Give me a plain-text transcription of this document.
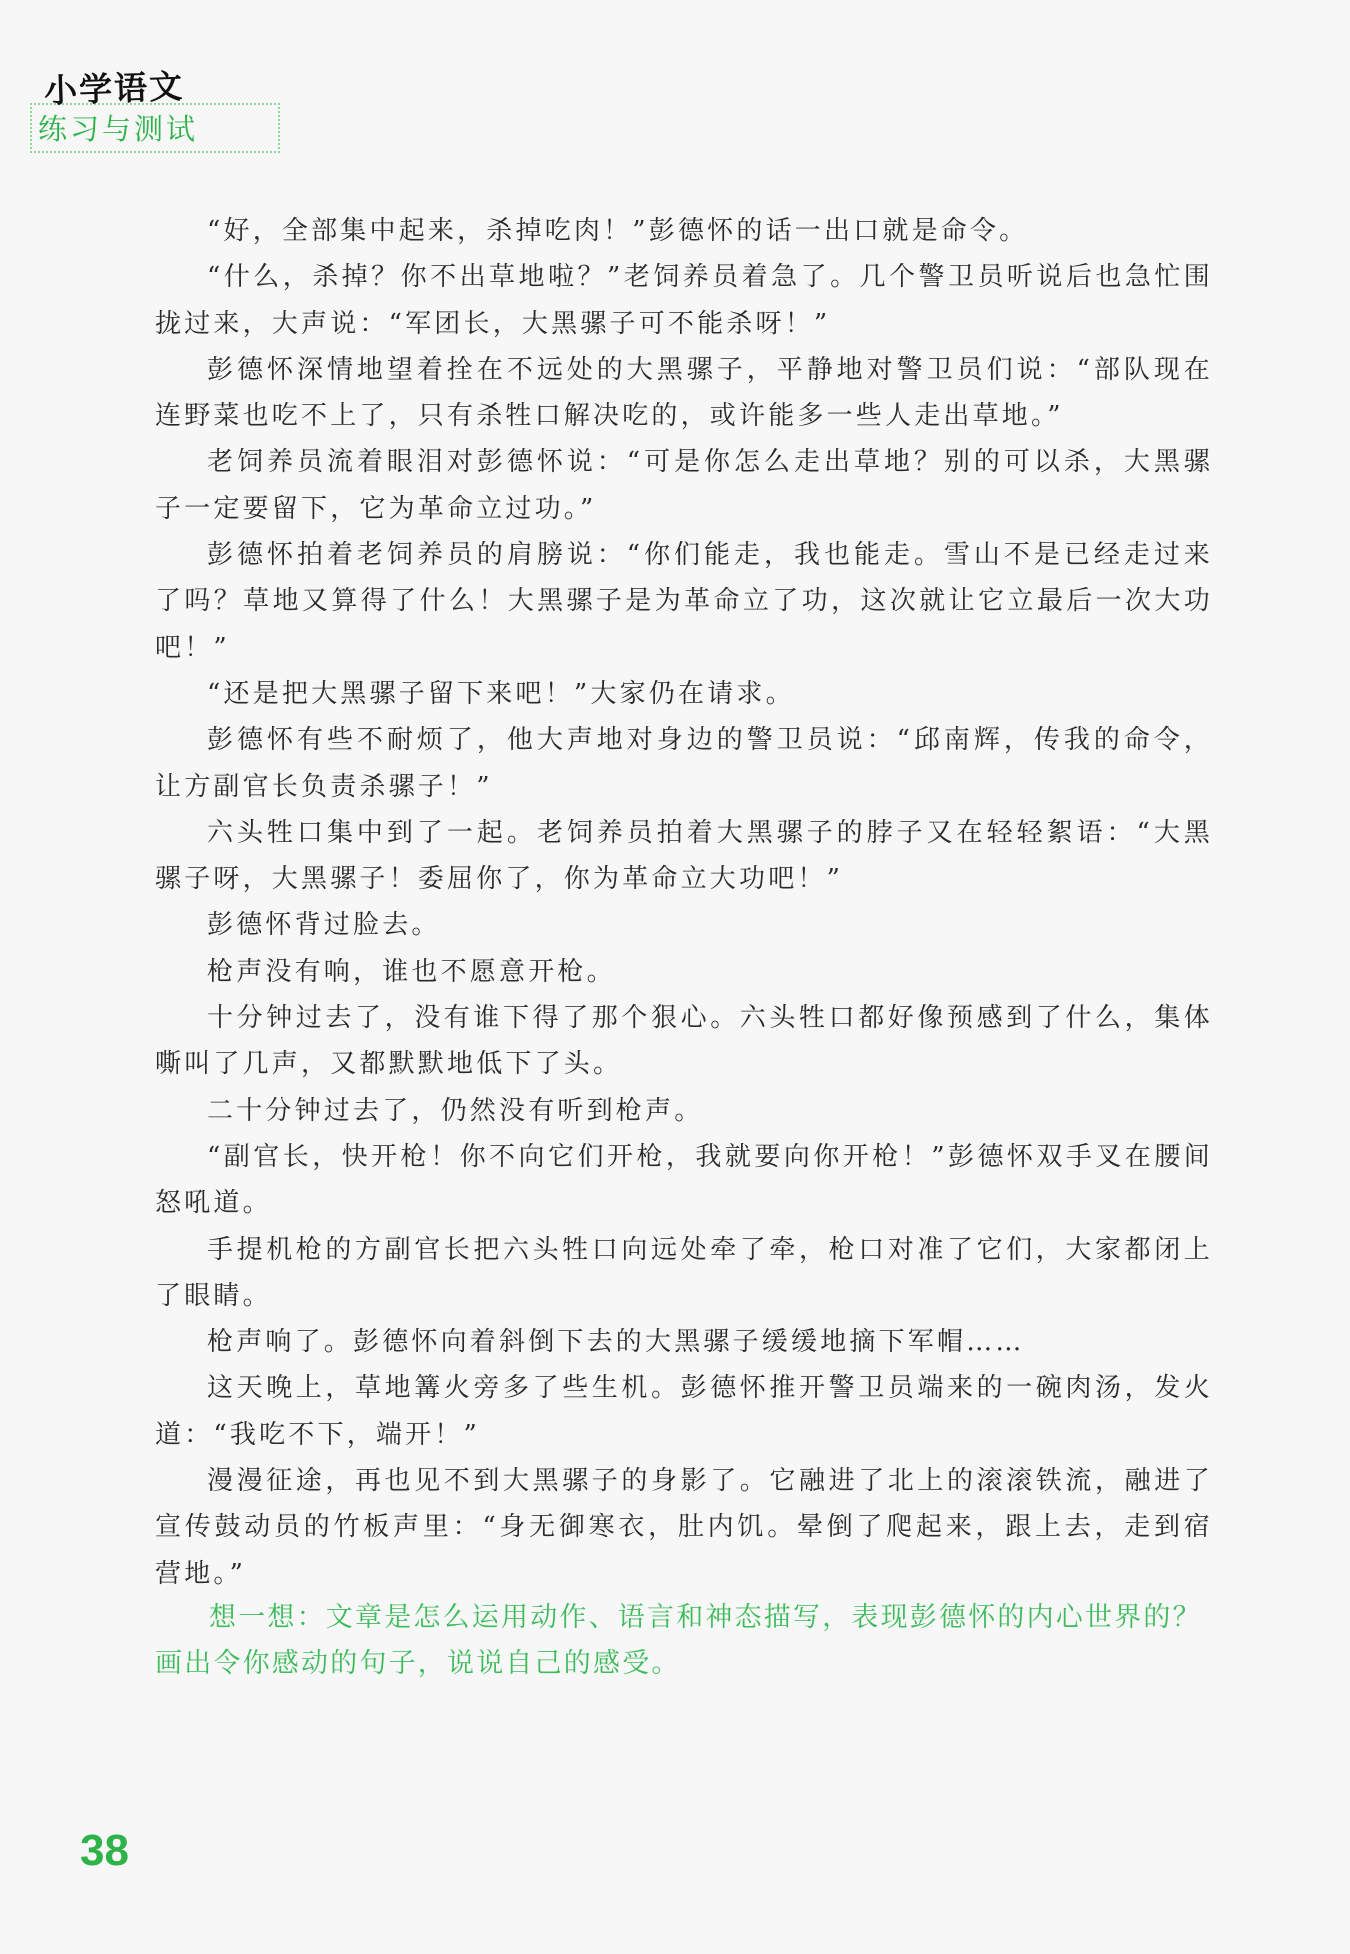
小学语文
练习与测试

“好，全部集中起来，杀掉吃肉！”彭德怀的话一出口就是命令。

“什么，杀掉？你不出草地啦？”老饲养员着急了。几个警卫员听说后也急忙围拢过来，大声说：“军团长，大黑骡子可不能杀呀！”

彭德怀深情地望着拴在不远处的大黑骡子，平静地对警卫员们说：“部队现在连野菜也吃不上了，只有杀牲口解决吃的，或许能多一些人走出草地。”

老饲养员流着眼泪对彭德怀说：“可是你怎么走出草地？别的可以杀，大黑骡子一定要留下，它为革命立过功。”

彭德怀拍着老饲养员的肩膀说：“你们能走，我也能走。雪山不是已经走过来了吗？草地又算得了什么！大黑骡子是为革命立了功，这次就让它立最后一次大功吧！”

“还是把大黑骡子留下来吧！”大家仍在请求。

彭德怀有些不耐烦了，他大声地对身边的警卫员说：“邱南辉，传我的命令，让方副官长负责杀骡子！”

六头牲口集中到了一起。老饲养员拍着大黑骡子的脖子又在轻轻絮语：“大黑骡子呀，大黑骡子！委屈你了，你为革命立大功吧！”

彭德怀背过脸去。

枪声没有响，谁也不愿意开枪。

十分钟过去了，没有谁下得了那个狠心。六头牲口都好像预感到了什么，集体嘶叫了几声，又都默默地低下了头。

二十分钟过去了，仍然没有听到枪声。

“副官长，快开枪！你不向它们开枪，我就要向你开枪！”彭德怀双手叉在腰间怒吼道。

手提机枪的方副官长把六头牲口向远处牵了牵，枪口对准了它们，大家都闭上了眼睛。

枪声响了。彭德怀向着斜倒下去的大黑骡子缓缓地摘下军帽……

这天晚上，草地篝火旁多了些生机。彭德怀推开警卫员端来的一碗肉汤，发火道：“我吃不下，端开！”

漫漫征途，再也见不到大黑骡子的身影了。它融进了北上的滚滚铁流，融进了宣传鼓动员的竹板声里：“身无御寒衣，肚内饥。晕倒了爬起来，跟上去，走到宿营地。”

想一想：文章是怎么运用动作、语言和神态描写，表现彭德怀的内心世界的？画出令你感动的句子，说说自己的感受。

38
